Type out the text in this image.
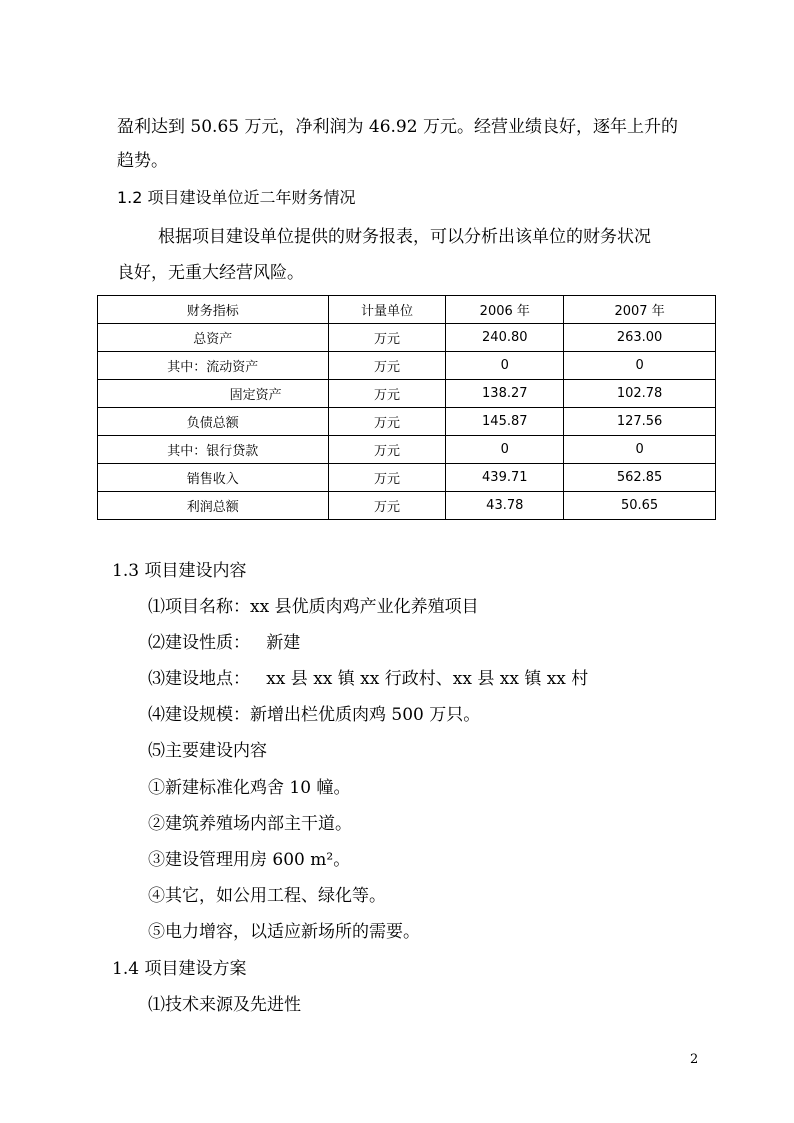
盈利达到 50.65 万元，净利润为 46.92 万元。经营业绩良好，逐年上升的
趋势。
1.2 项目建设单位近二年财务情况
根据项目建设单位提供的财务报表，可以分析出该单位的财务状况
良好，无重大经营风险。
财务指标	计量单位	2006 年	2007 年
总资产	万元	240.80	263.00
其中：流动资产	万元	0	0
固定资产	万元	138.27	102.78
负债总额	万元	145.87	127.56
其中：银行贷款	万元	0	0
销售收入	万元	439.71	562.85
利润总额	万元	43.78	50.65
1.3 项目建设内容
⑴项目名称：xx 县优质肉鸡产业化养殖项目
⑵建设性质：   新建
⑶建设地点：   xx 县 xx 镇 xx 行政村、xx 县 xx 镇 xx 村
⑷建设规模：新增出栏优质肉鸡 500 万只。
⑸主要建设内容
①新建标准化鸡舍 10 幢。
②建筑养殖场内部主干道。
③建设管理用房 600 m²。
④其它，如公用工程、绿化等。
⑤电力增容，以适应新场所的需要。
1.4 项目建设方案
⑴技术来源及先进性
2
